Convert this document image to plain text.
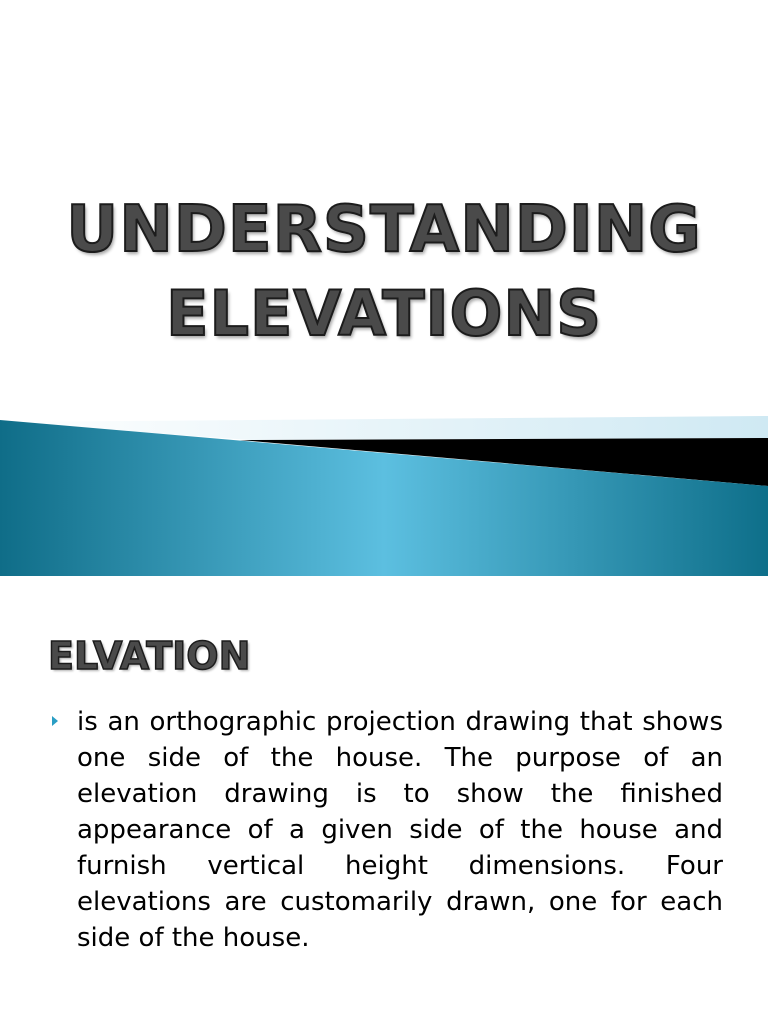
UNDERSTANDING
ELEVATIONS
ELVATION

is an orthographic projection drawing that shows one side of the house. The purpose of an elevation drawing is to show the finished appearance of a given side of the house and furnish vertical height dimensions. Four elevations are customarily drawn, one for each side of the house.
